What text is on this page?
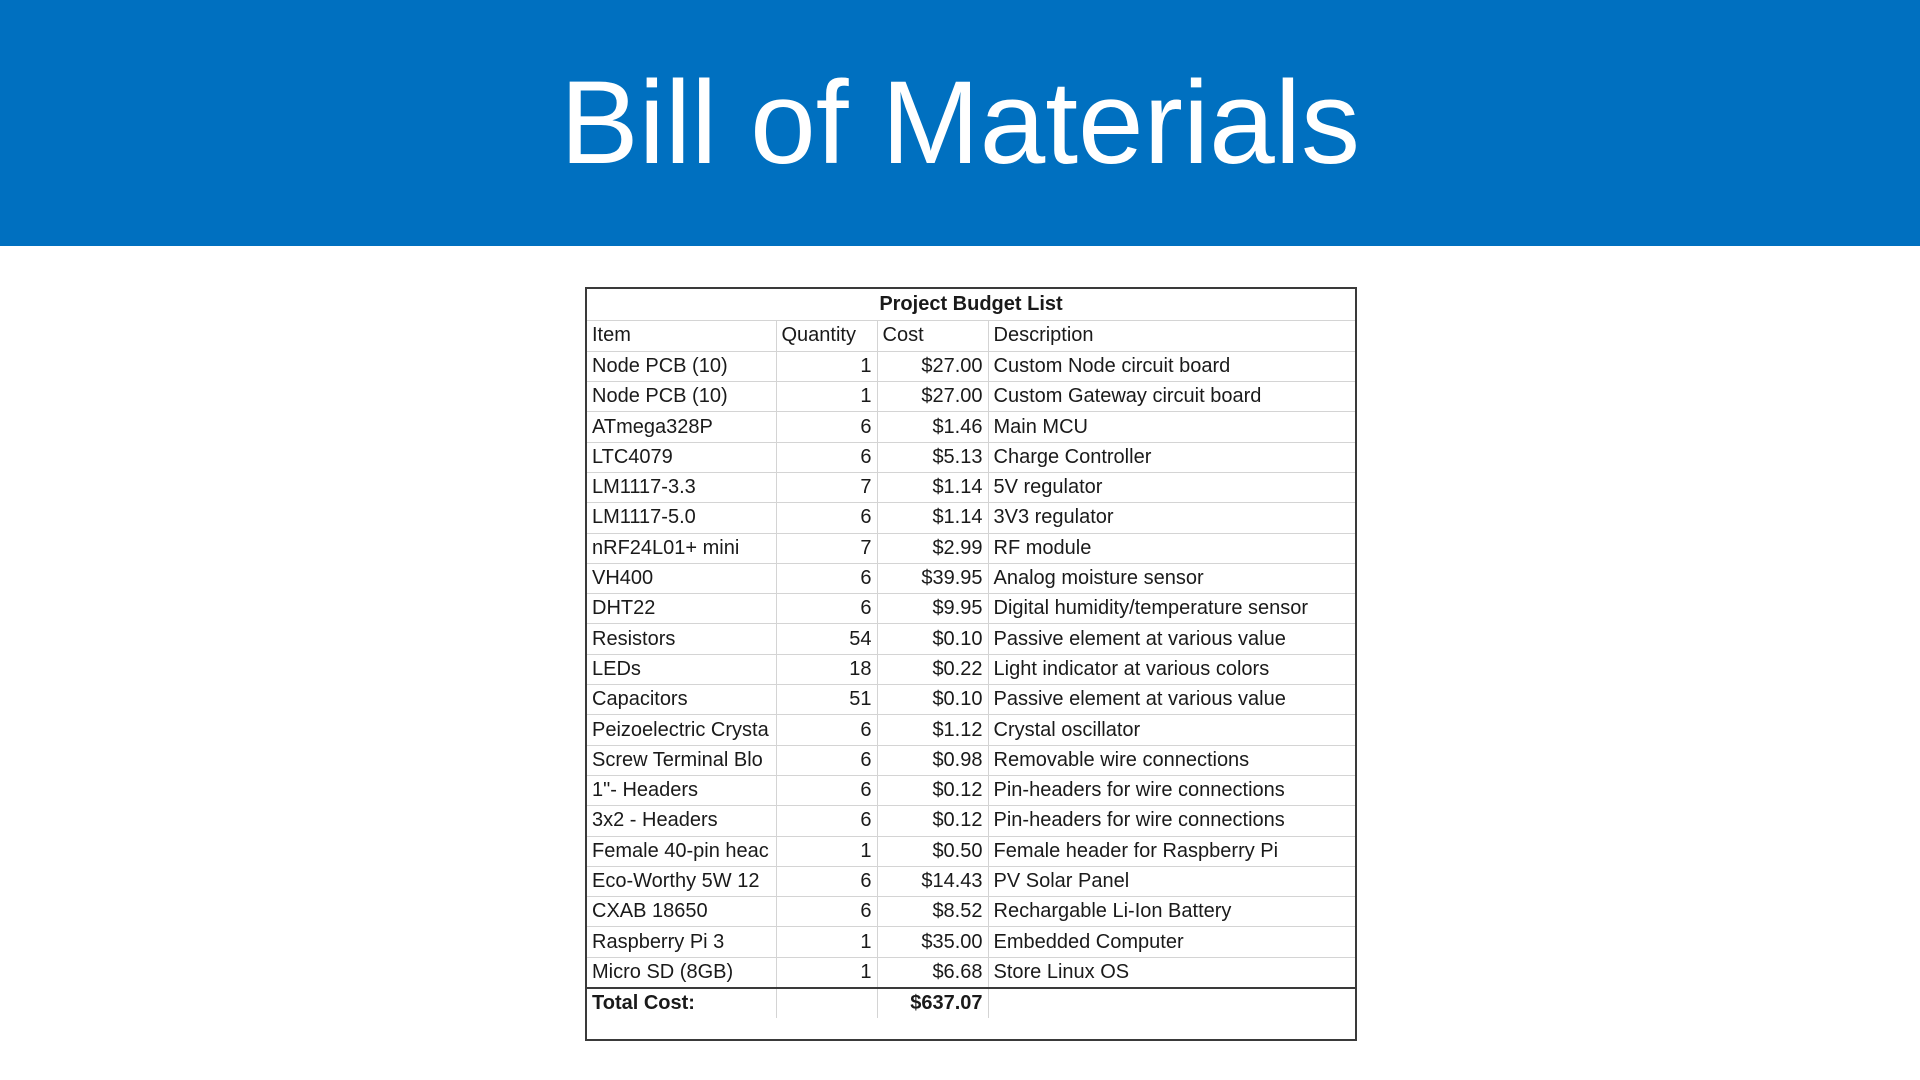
Bill of Materials
Project Budget List
Item	Quantity	Cost	Description
Node PCB (10)	1	$27.00	Custom Node circuit board
Node PCB (10)	1	$27.00	Custom Gateway circuit board
ATmega328P	6	$1.46	Main MCU
LTC4079	6	$5.13	Charge Controller
LM1117-3.3	7	$1.14	5V regulator
LM1117-5.0	6	$1.14	3V3 regulator
nRF24L01+ mini	7	$2.99	RF module
VH400	6	$39.95	Analog moisture sensor
DHT22	6	$9.95	Digital humidity/temperature sensor
Resistors	54	$0.10	Passive element at various value
LEDs	18	$0.22	Light indicator at various colors
Capacitors	51	$0.10	Passive element at various value
Peizoelectric Crysta	6	$1.12	Crystal oscillator
Screw Terminal Blo	6	$0.98	Removable wire connections
1"- Headers	6	$0.12	Pin-headers for wire connections
3x2 - Headers	6	$0.12	Pin-headers for wire connections
Female 40-pin heac	1	$0.50	Female header for Raspberry Pi
Eco-Worthy 5W 12	6	$14.43	PV Solar Panel
CXAB 18650	6	$8.52	Rechargable Li-Ion Battery
Raspberry Pi 3	1	$35.00	Embedded Computer
Micro SD (8GB)	1	$6.68	Store Linux OS
Total Cost:		$637.07	
